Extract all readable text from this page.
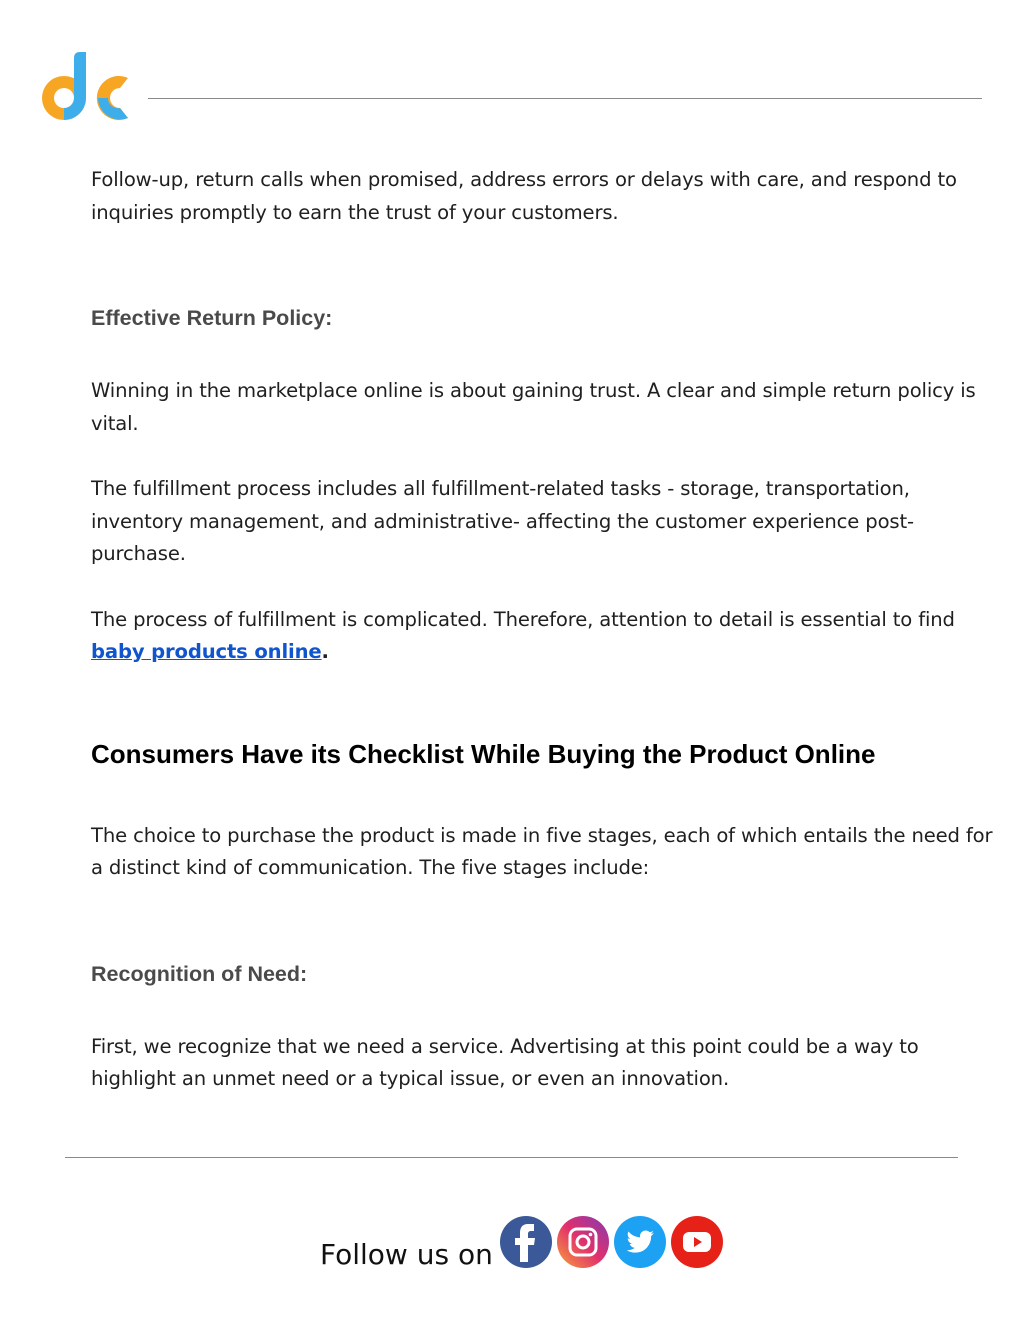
Follow-up, return calls when promised, address errors or delays with care, and respond to inquiries promptly to earn the trust of your customers.

Effective Return Policy:

Winning in the marketplace online is about gaining trust. A clear and simple return policy is vital.

The fulfillment process includes all fulfillment-related tasks - storage, transportation, inventory management, and administrative- affecting the customer experience post-purchase.

The process of fulfillment is complicated. Therefore, attention to detail is essential to find baby products online.

Consumers Have its Checklist While Buying the Product Online

The choice to purchase the product is made in five stages, each of which entails the need for a distinct kind of communication. The five stages include:

Recognition of Need:

First, we recognize that we need a service. Advertising at this point could be a way to highlight an unmet need or a typical issue, or even an innovation.

Follow us on
